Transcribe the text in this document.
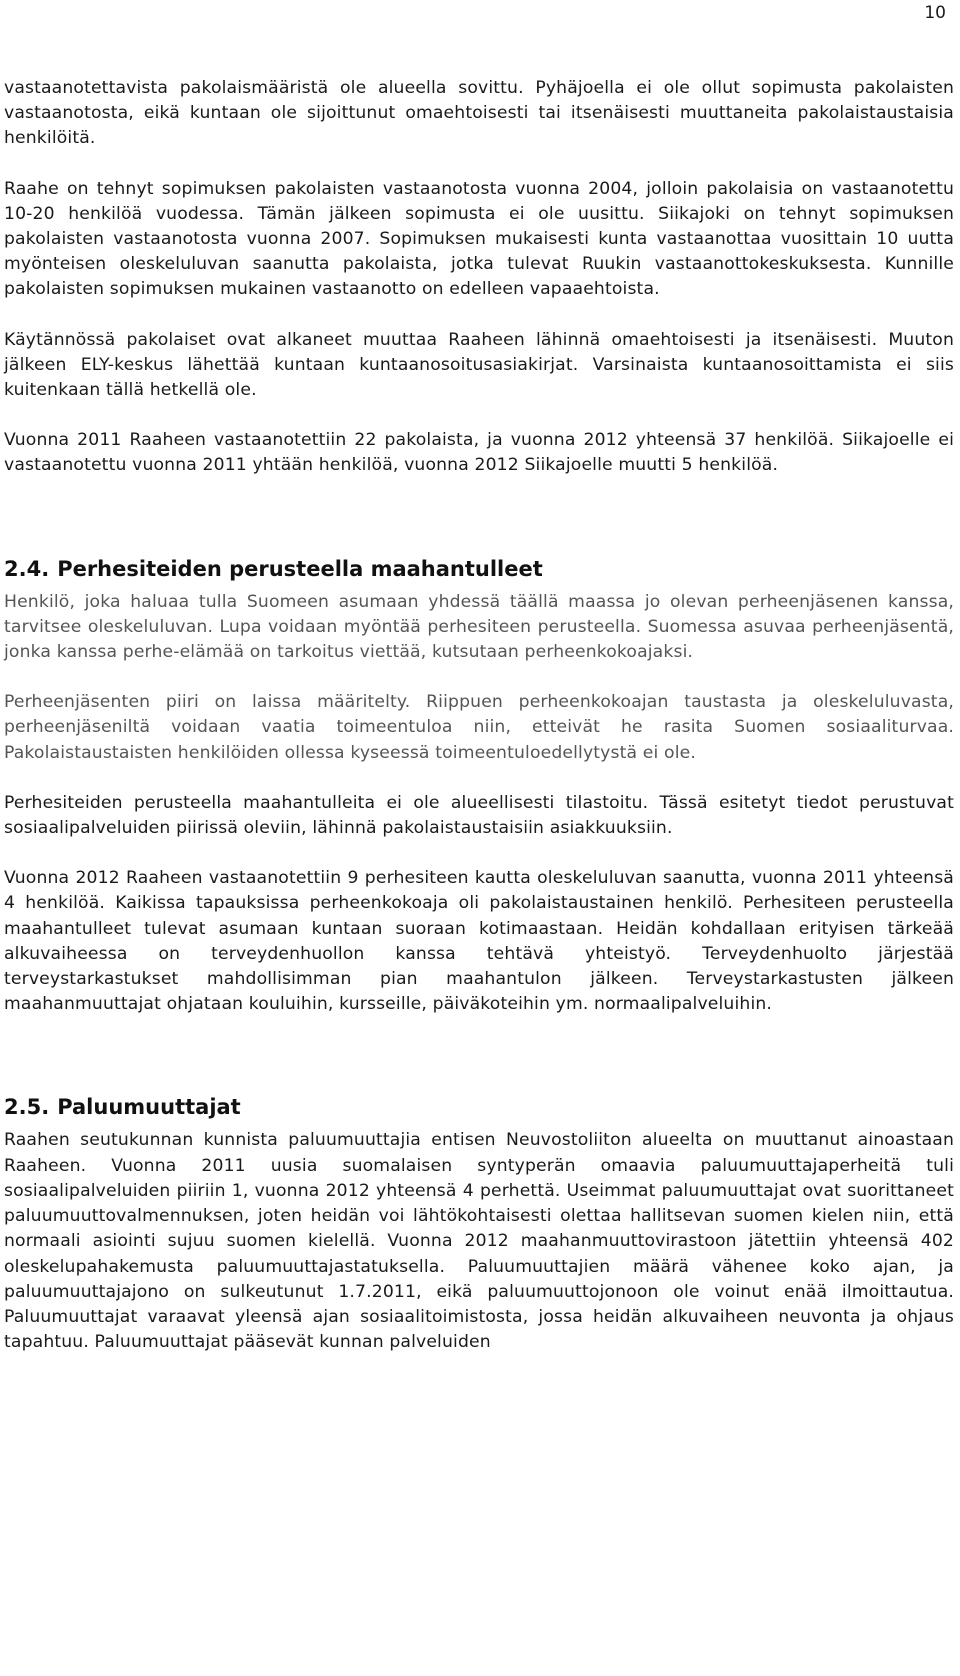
10

vastaanotettavista pakolaismääristä ole alueella sovittu. Pyhäjoella ei ole ollut sopimusta pakolaisten vastaanotosta, eikä kuntaan ole sijoittunut omaehtoisesti tai itsenäisesti muuttaneita pakolaistaustaisia henkilöitä.

Raahe on tehnyt sopimuksen pakolaisten vastaanotosta vuonna 2004, jolloin pakolaisia on vastaanotettu 10-20 henkilöä vuodessa. Tämän jälkeen sopimusta ei ole uusittu. Siikajoki on tehnyt sopimuksen pakolaisten vastaanotosta vuonna 2007. Sopimuksen mukaisesti kunta vastaanottaa vuosittain 10 uutta myönteisen oleskeluluvan saanutta pakolaista, jotka tulevat Ruukin vastaanottokeskuksesta. Kunnille pakolaisten sopimuksen mukainen vastaanotto on edelleen vapaaehtoista.

Käytännössä pakolaiset ovat alkaneet muuttaa Raaheen lähinnä omaehtoisesti ja itsenäisesti. Muuton jälkeen ELY-keskus lähettää kuntaan kuntaanosoitusasiakirjat. Varsinaista kuntaanosoittamista ei siis kuitenkaan tällä hetkellä ole.

Vuonna 2011 Raaheen vastaanotettiin 22 pakolaista, ja vuonna 2012 yhteensä 37 henkilöä. Siikajoelle ei vastaanotettu vuonna 2011 yhtään henkilöä, vuonna 2012 Siikajoelle muutti 5 henkilöä.

2.4. Perhesiteiden perusteella maahantulleet

Henkilö, joka haluaa tulla Suomeen asumaan yhdessä täällä maassa jo olevan perheenjäsenen kanssa, tarvitsee oleskeluluvan. Lupa voidaan myöntää perhesiteen perusteella. Suomessa asuvaa perheenjäsentä, jonka kanssa perhe-elämää on tarkoitus viettää, kutsutaan perheenkokoajaksi.

Perheenjäsenten piiri on laissa määritelty. Riippuen perheenkokoajan taustasta ja oleskeluluvasta, perheenjäseniltä voidaan vaatia toimeentuloa niin, etteivät he rasita Suomen sosiaaliturvaa. Pakolaistaustaisten henkilöiden ollessa kyseessä toimeentuloedellytystä ei ole.

Perhesiteiden perusteella maahantulleita ei ole alueellisesti tilastoitu. Tässä esitetyt tiedot perustuvat sosiaalipalveluiden piirissä oleviin, lähinnä pakolaistaustaisiin asiakkuuksiin.

Vuonna 2012 Raaheen vastaanotettiin 9 perhesiteen kautta oleskeluluvan saanutta, vuonna 2011 yhteensä 4 henkilöä. Kaikissa tapauksissa perheenkokoaja oli pakolaistaustainen henkilö. Perhesiteen perusteella maahantulleet tulevat asumaan kuntaan suoraan kotimaastaan. Heidän kohdallaan erityisen tärkeää alkuvaiheessa on terveydenhuollon kanssa tehtävä yhteistyö. Terveydenhuolto järjestää terveystarkastukset mahdollisimman pian maahantulon jälkeen. Terveystarkastusten jälkeen maahanmuuttajat ohjataan kouluihin, kursseille, päiväkoteihin ym. normaalipalveluihin.

2.5. Paluumuuttajat

Raahen seutukunnan kunnista paluumuuttajia entisen Neuvostoliiton alueelta on muuttanut ainoastaan Raaheen. Vuonna 2011 uusia suomalaisen syntyperän omaavia paluumuuttajaperheitä tuli sosiaalipalveluiden piiriin 1, vuonna 2012 yhteensä 4 perhettä. Useimmat paluumuuttajat ovat suorittaneet paluumuuttovalmennuksen, joten heidän voi lähtökohtaisesti olettaa hallitsevan suomen kielen niin, että normaali asiointi sujuu suomen kielellä. Vuonna 2012 maahanmuuttovirastoon jätettiin yhteensä 402 oleskelupahakemusta paluumuuttajastatuksella. Paluumuuttajien määrä vähenee koko ajan, ja paluumuuttajajono on sulkeutunut 1.7.2011, eikä paluumuuttojonoon ole voinut enää ilmoittautua. Paluumuuttajat varaavat yleensä ajan sosiaalitoimistosta, jossa heidän alkuvaiheen neuvonta ja ohjaus tapahtuu. Paluumuuttajat pääsevät kunnan palveluiden
